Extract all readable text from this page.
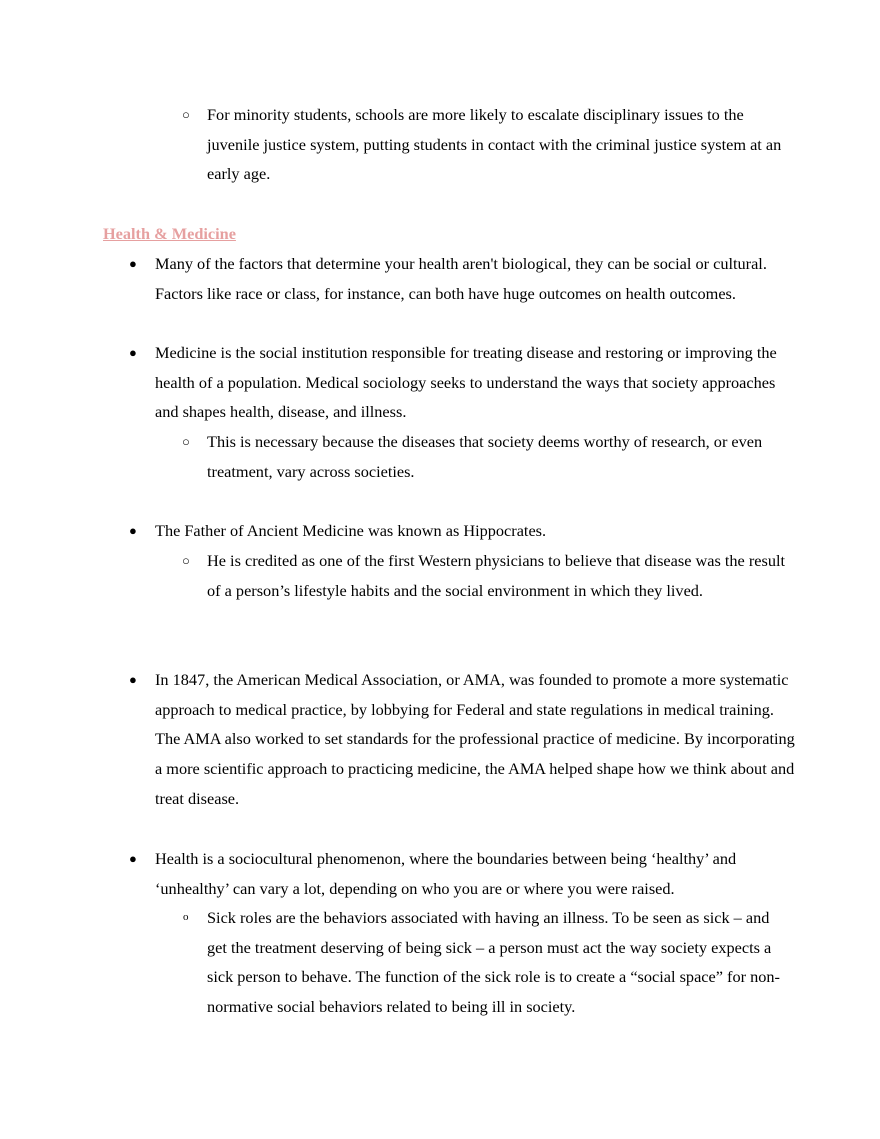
○ For minority students, schools are more likely to escalate disciplinary issues to the juvenile justice system, putting students in contact with the criminal justice system at an early age.
Health & Medicine
● Many of the factors that determine your health aren't biological, they can be social or cultural. Factors like race or class, for instance, can both have huge outcomes on health outcomes.
● Medicine is the social institution responsible for treating disease and restoring or improving the health of a population. Medical sociology seeks to understand the ways that society approaches and shapes health, disease, and illness.
○ This is necessary because the diseases that society deems worthy of research, or even treatment, vary across societies.
● The Father of Ancient Medicine was known as Hippocrates.
○ He is credited as one of the first Western physicians to believe that disease was the result of a person’s lifestyle habits and the social environment in which they lived.
● In 1847, the American Medical Association, or AMA, was founded to promote a more systematic approach to medical practice, by lobbying for Federal and state regulations in medical training. The AMA also worked to set standards for the professional practice of medicine. By incorporating a more scientific approach to practicing medicine, the AMA helped shape how we think about and treat disease.
● Health is a sociocultural phenomenon, where the boundaries between being ‘healthy’ and ‘unhealthy’ can vary a lot, depending on who you are or where you were raised.
o Sick roles are the behaviors associated with having an illness. To be seen as sick – and get the treatment deserving of being sick – a person must act the way society expects a sick person to behave. The function of the sick role is to create a “social space” for non-normative social behaviors related to being ill in society.
